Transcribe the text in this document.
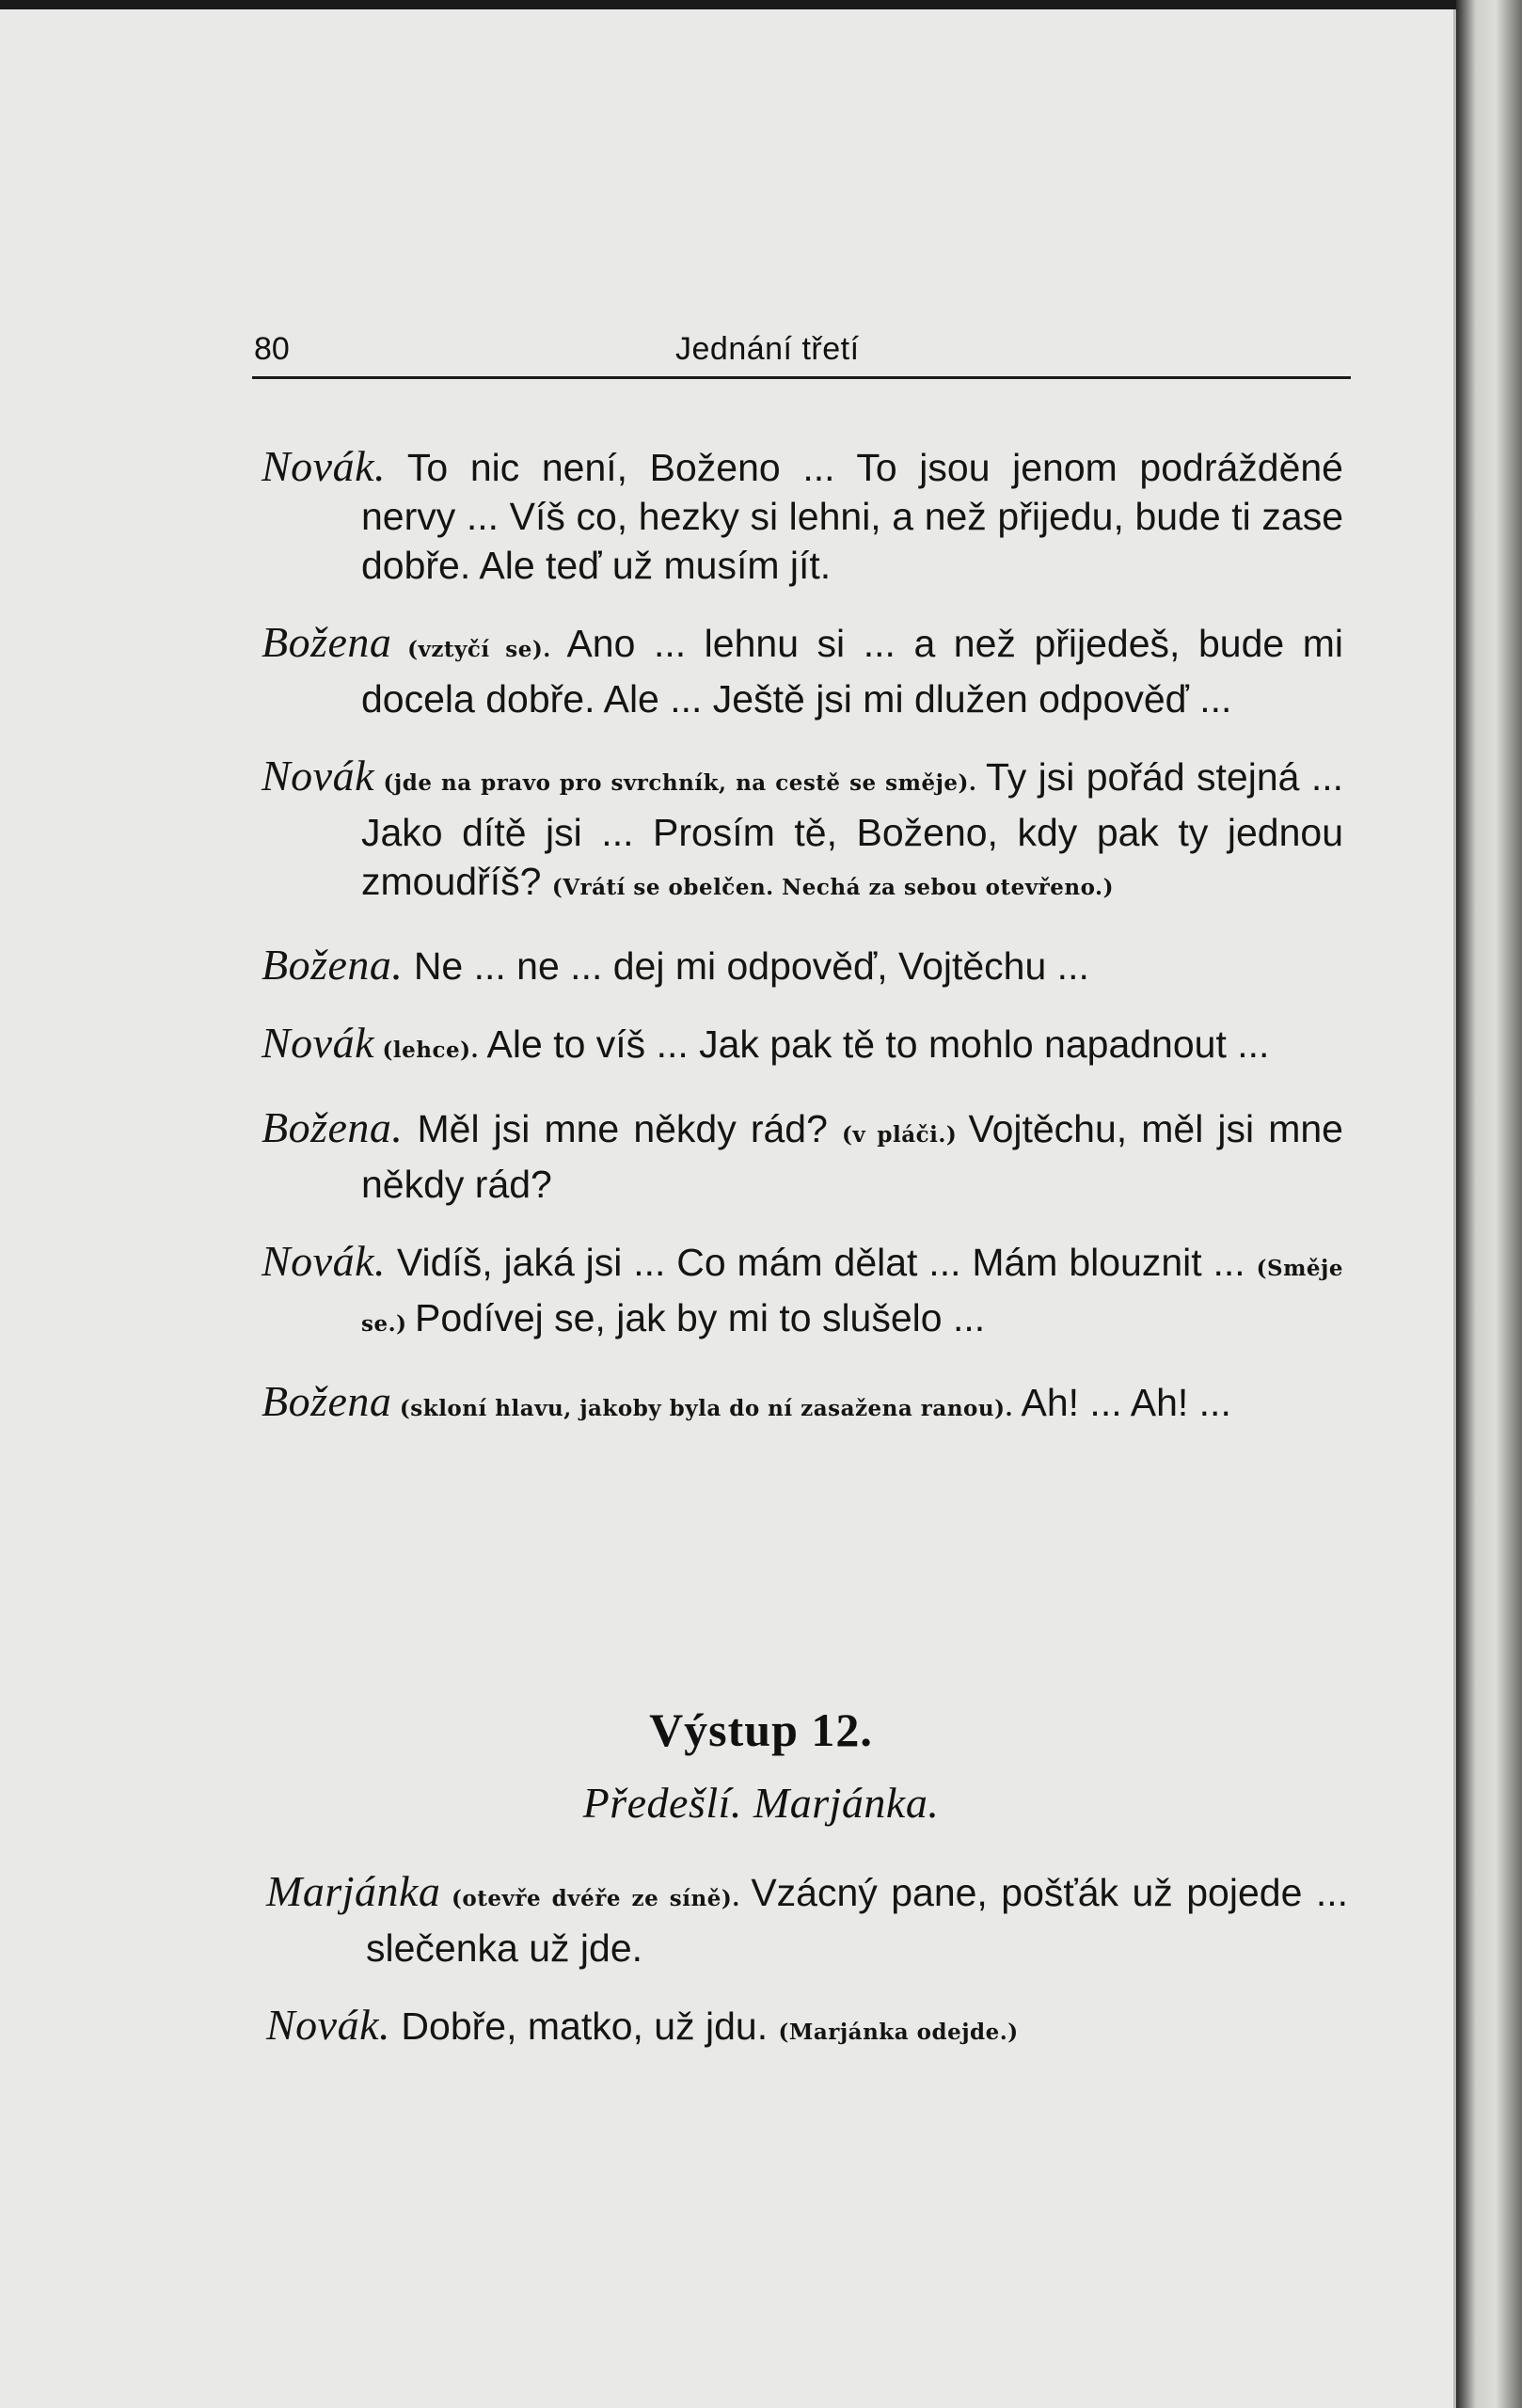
80	Jednání třetí

Novák. To nic není, Boženo ... To jsou jenom podrážděné nervy ... Víš co, hezky si lehni, a než přijedu, bude ti zase dobře. Ale teď už musím jít.

Božena (vztyčí se). Ano ... lehnu si ... a než přijedeš, bude mi docela dobře. Ale ... Ještě jsi mi dlužen odpověď ...

Novák (jde na pravo pro svrchník, na cestě se směje). Ty jsi pořád stejná ... Jako dítě jsi ... Prosím tě, Boženo, kdy pak ty jednou zmoudříš? (Vrátí se obelčen. Nechá za sebou otevřeno.)

Božena. Ne ... ne ... dej mi odpověď, Vojtěchu ...

Novák (lehce). Ale to víš ... Jak pak tě to mohlo napadnout ...

Božena. Měl jsi mne někdy rád? (v pláči.) Vojtěchu, měl jsi mne někdy rád?

Novák. Vidíš, jaká jsi ... Co mám dělat ... Mám blouznit ... (Směje se.) Podívej se, jak by mi to slušelo ...

Božena (skloní hlavu, jakoby byla do ní zasažena ranou). Ah! ... Ah! ...

Výstup 12.
Předešlí. Marjánka.

Marjánka (otevře dvéře ze síně). Vzácný pane, pošťák už pojede ... slečenka už jde.

Novák. Dobře, matko, už jdu. (Marjánka odejde.)
